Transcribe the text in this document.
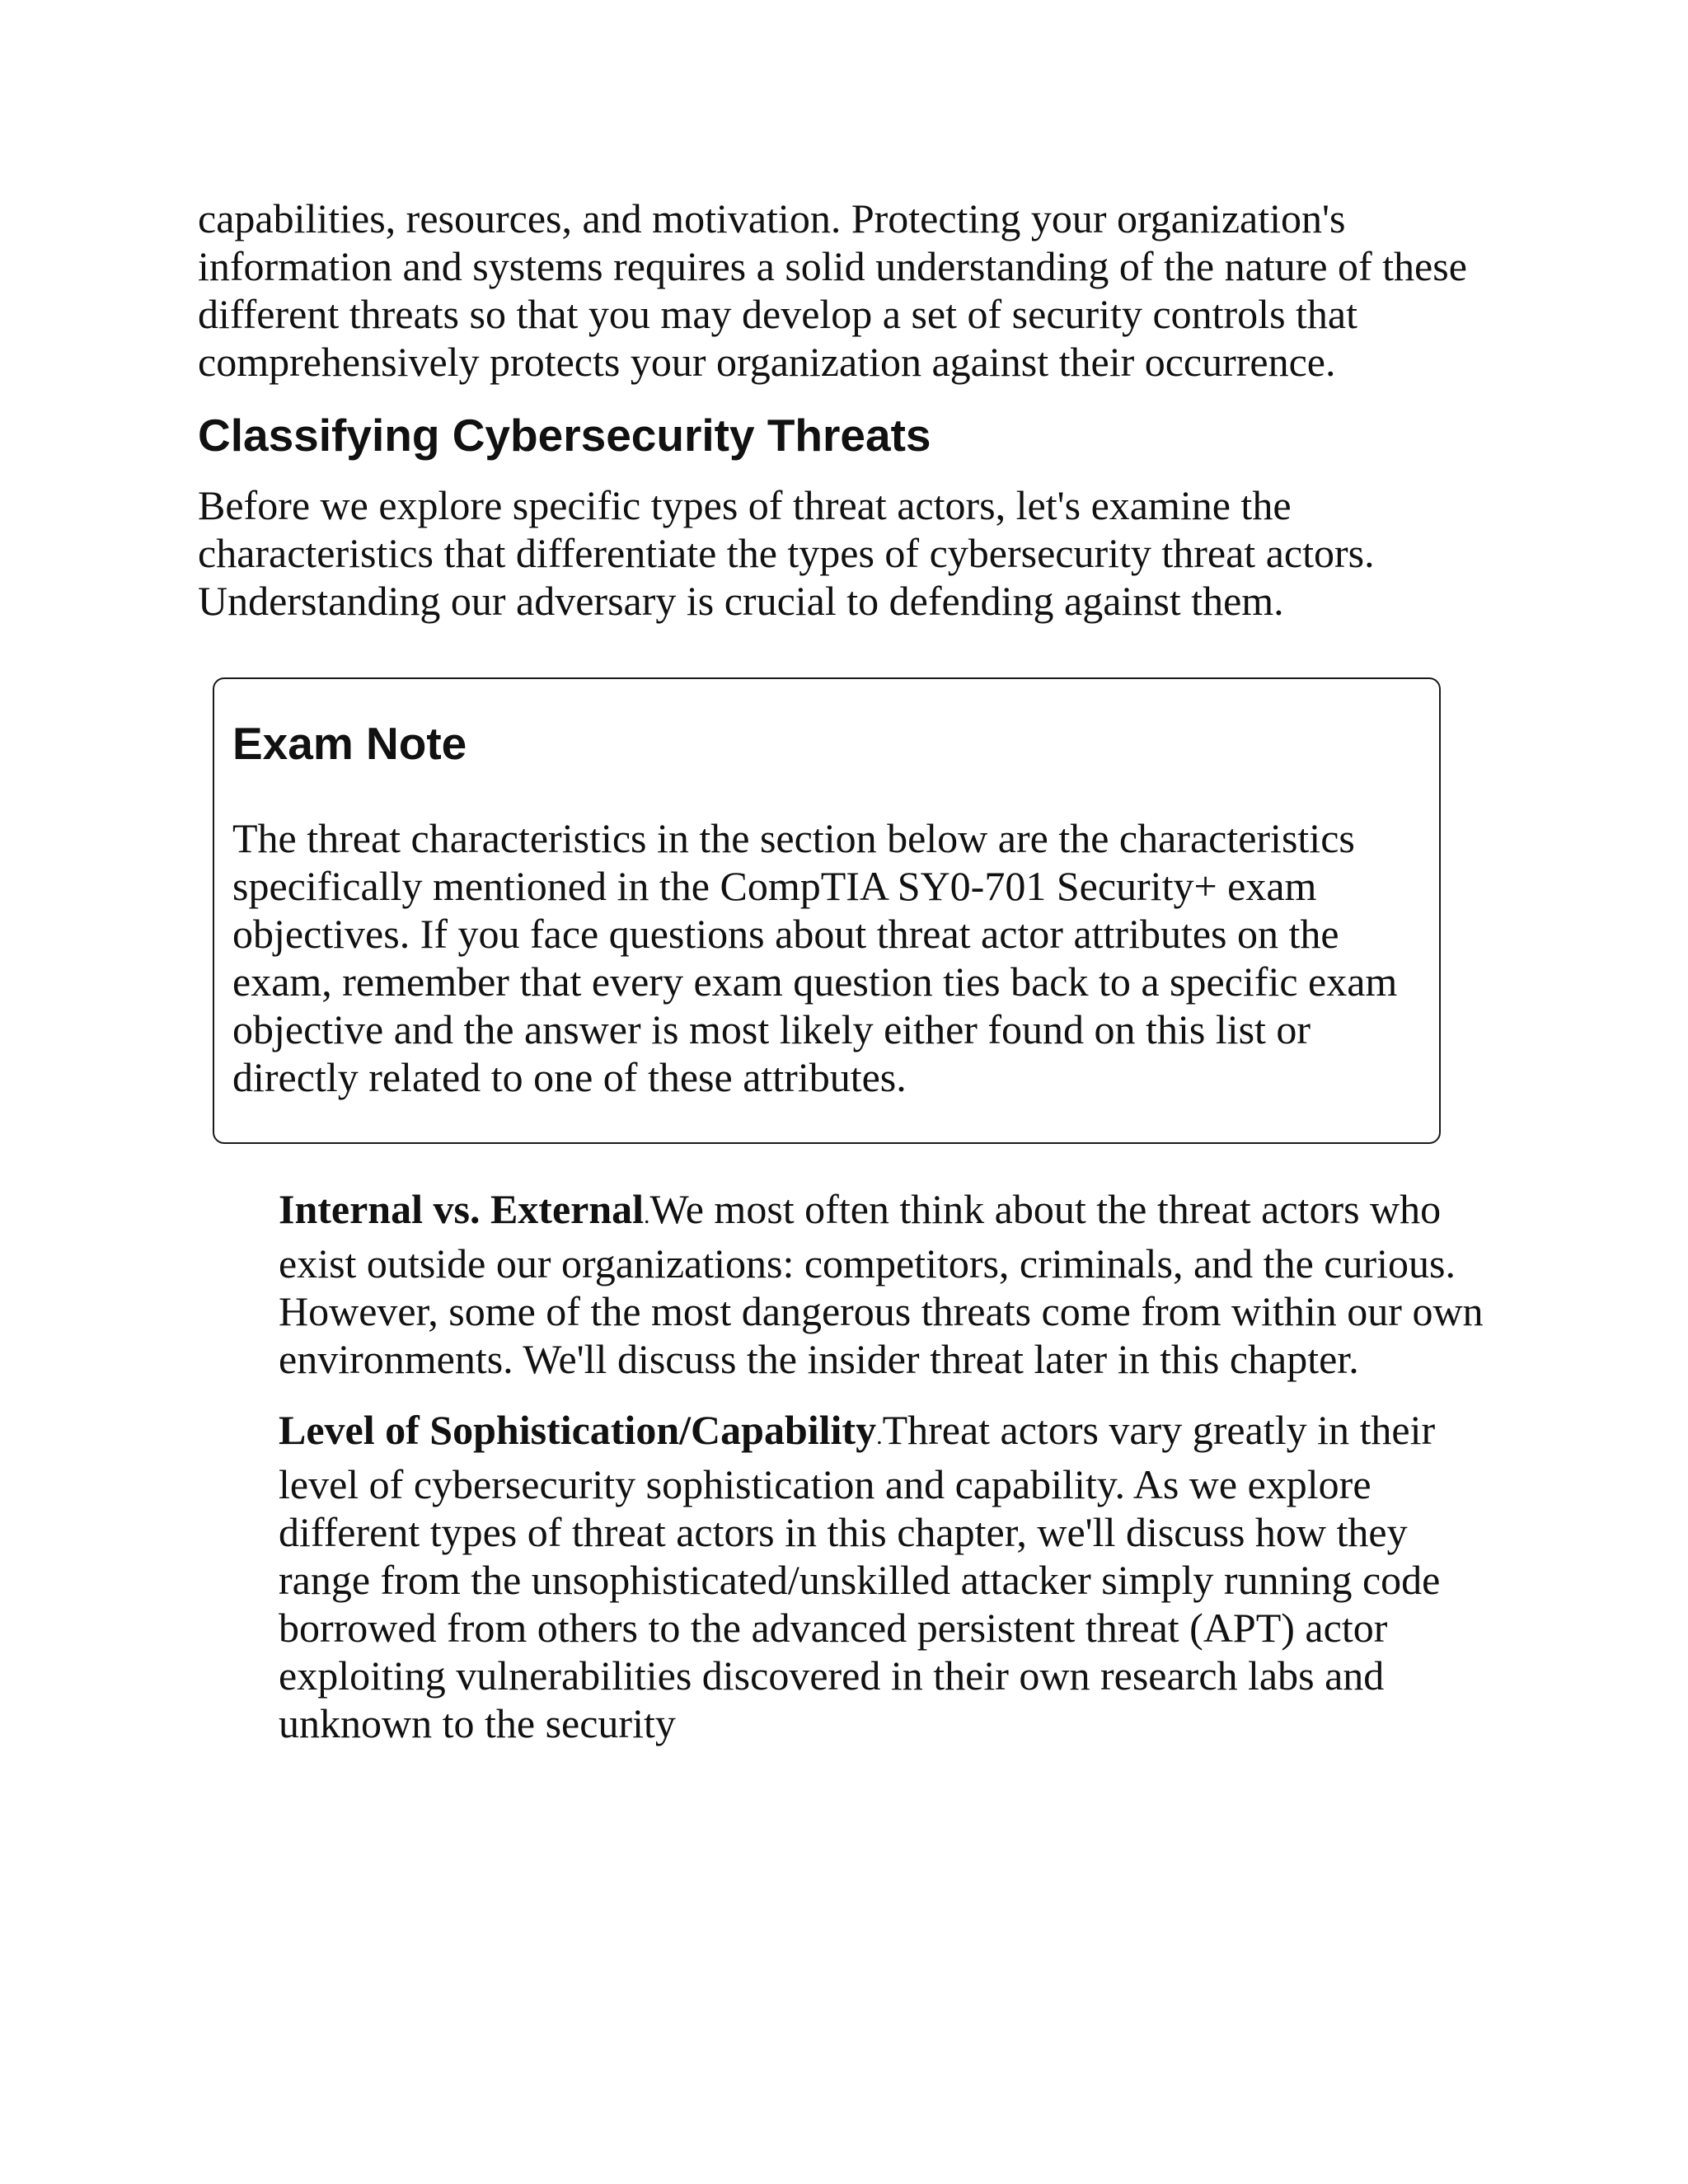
capabilities, resources, and motivation. Protecting your organization's information and systems requires a solid understanding of the nature of these different threats so that you may develop a set of security controls that comprehensively protects your organization against their occurrence.

Classifying Cybersecurity Threats

Before we explore specific types of threat actors, let's examine the characteristics that differentiate the types of cybersecurity threat actors. Understanding our adversary is crucial to defending against them.

Exam Note

The threat characteristics in the section below are the characteristics specifically mentioned in the CompTIA SY0-701 Security+ exam objectives. If you face questions about threat actor attributes on the exam, remember that every exam question ties back to a specific exam objective and the answer is most likely either found on this list or directly related to one of these attributes.

Internal vs. External.We most often think about the threat actors who exist outside our organizations: competitors, criminals, and the curious. However, some of the most dangerous threats come from within our own environments. We'll discuss the insider threat later in this chapter.

Level of Sophistication/Capability.Threat actors vary greatly in their level of cybersecurity sophistication and capability. As we explore different types of threat actors in this chapter, we'll discuss how they range from the unsophisticated/unskilled attacker simply running code borrowed from others to the advanced persistent threat (APT) actor exploiting vulnerabilities discovered in their own research labs and unknown to the security
